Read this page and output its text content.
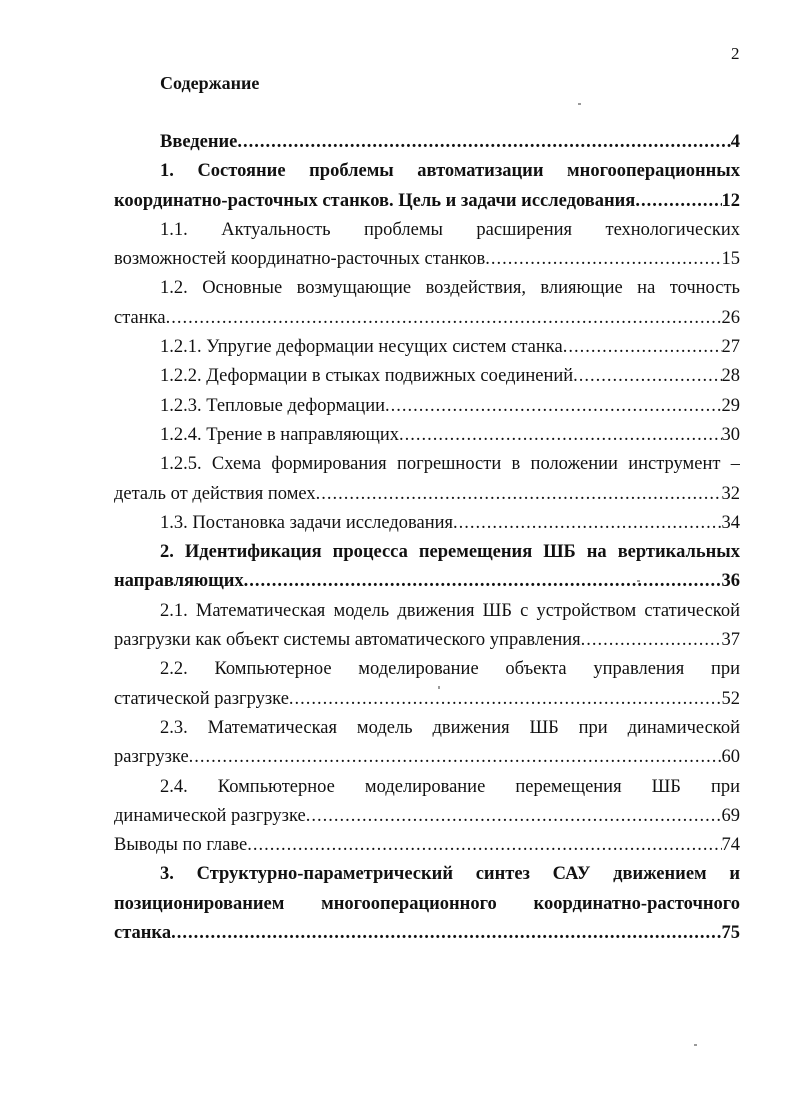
2
Содержание
Введение .....	4
1. Состояние проблемы автоматизации многооперационных
координатно-расточных станков. Цель и задачи исследования .....	12
1.1. Актуальность проблемы расширения технологических
возможностей координатно-расточных станков .....	15
1.2. Основные возмущающие воздействия, влияющие на точность
станка .....	26
1.2.1. Упругие деформации несущих систем станка .....	27
1.2.2. Деформации в стыках подвижных соединений .....	28
1.2.3. Тепловые деформации .....	29
1.2.4. Трение в направляющих .....	30
1.2.5. Схема формирования погрешности в положении инструмент –
деталь от действия помех .....	32
1.3. Постановка задачи исследования .....	34
2. Идентификация процесса перемещения ШБ на вертикальных
направляющих .....	36
2.1. Математическая модель движения ШБ с устройством статической
разгрузки как объект системы автоматического управления .....	37
2.2. Компьютерное моделирование объекта управления при
статической разгрузке .....	52
2.3. Математическая модель движения ШБ при динамической
разгрузке .....	60
2.4. Компьютерное моделирование перемещения ШБ при
динамической разгрузке .....	69
Выводы по главе .....	74
3. Структурно-параметрический синтез САУ движением и
позиционированием многооперационного координатно-расточного
станка .....	75
